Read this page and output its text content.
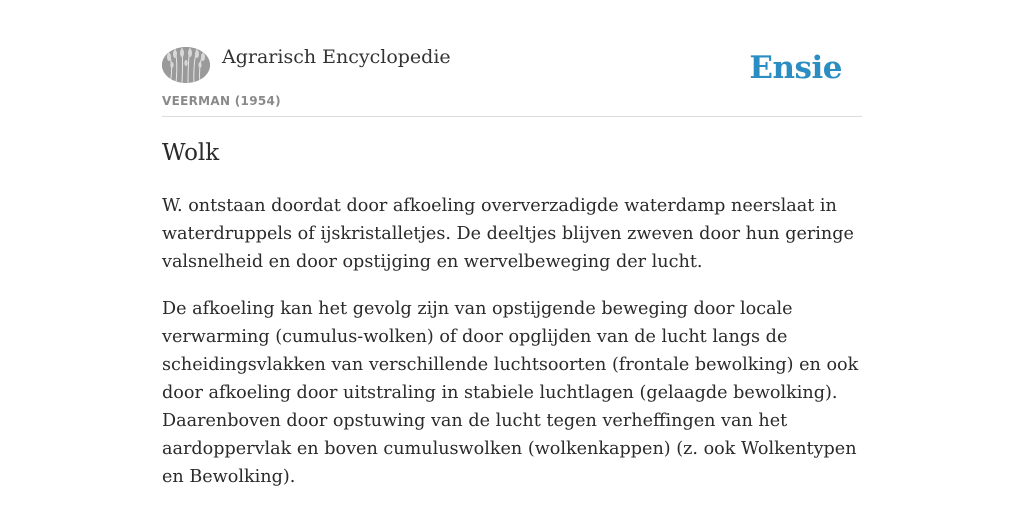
Agrarisch Encyclopedie
VEERMAN (1954)
Ensie
Wolk

W. ontstaan doordat door afkoeling oververzadigde waterdamp neerslaat in waterdruppels of ijskristalletjes. De deeltjes blijven zweven door hun geringe valsnelheid en door opstijging en wervelbeweging der lucht.

De afkoeling kan het gevolg zijn van opstijgende beweging door locale verwarming (cumulus-wolken) of door opglijden van de lucht langs de scheidingsvlakken van verschillende luchtsoorten (frontale bewolking) en ook door afkoeling door uitstraling in stabiele luchtlagen (gelaagde bewolking). Daarenboven door opstuwing van de lucht tegen verheffingen van het aardoppervlak en boven cumuluswolken (wolkenkappen) (z. ook Wolkentypen en Bewolking).
